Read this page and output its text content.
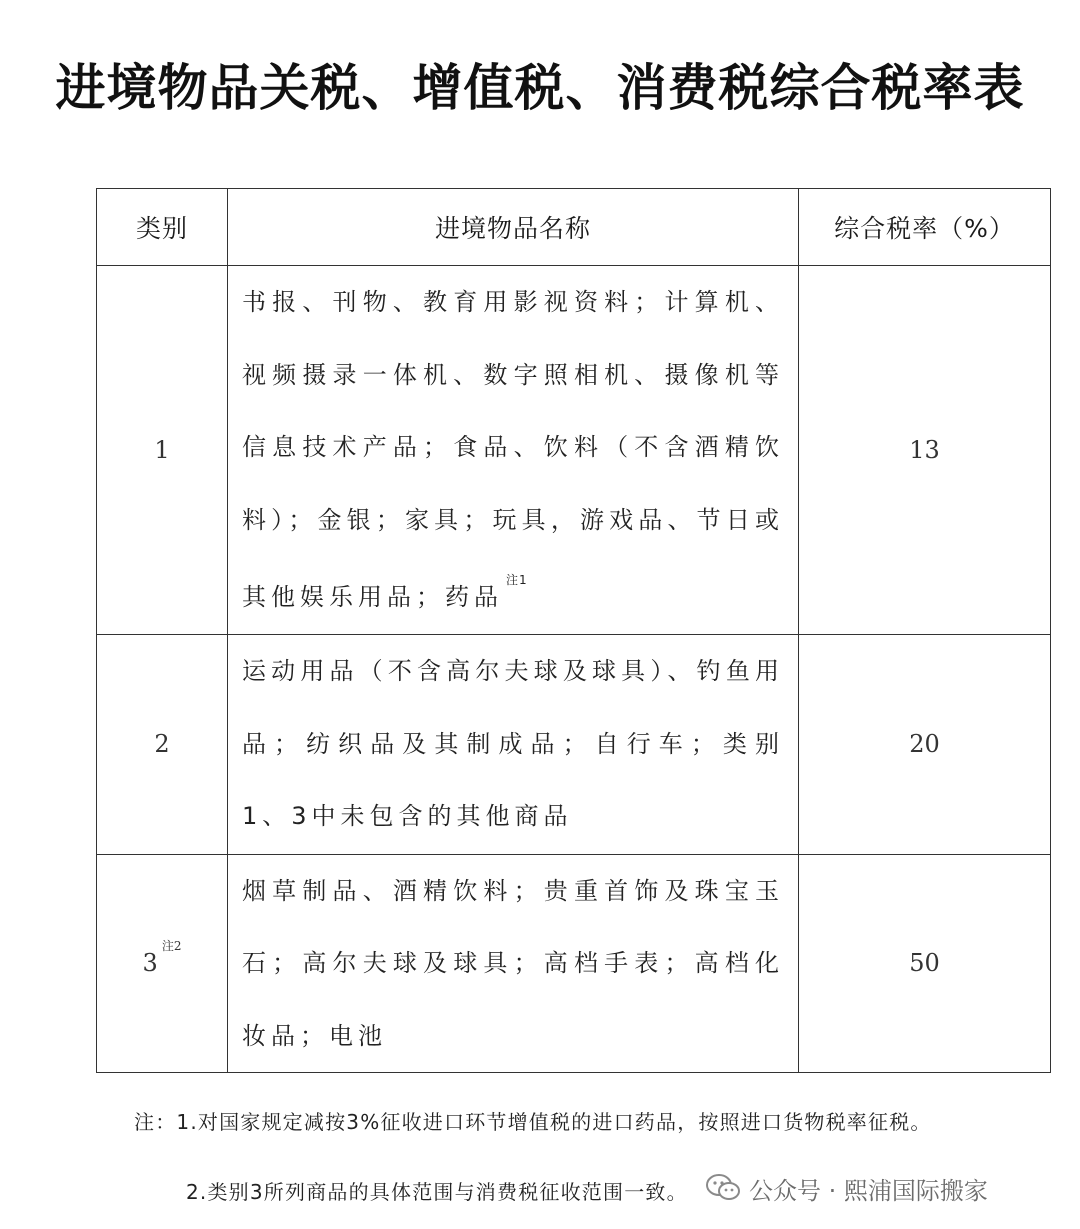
进境物品关税、增值税、消费税综合税率表
类别	进境物品名称	综合税率（%）
1	书报、刊物、教育用影视资料；计算机、视频摄录一体机、数字照相机、摄像机等信息技术产品；食品、饮料（不含酒精饮料）；金银；家具；玩具，游戏品、节日或其他娱乐用品；药品$^{注1}$	13
2	运动用品（不含高尔夫球及球具）、钓鱼用品；纺织品及其制成品；自行车；类别1、3中未包含的其他商品	20
3$^{注2}$	烟草制品、酒精饮料；贵重首饰及珠宝玉石；高尔夫球及球具；高档手表；高档化妆品；电池	50
注：1.对国家规定减按3%征收进口环节增值税的进口药品，按照进口货物税率征税。
2.类别3所列商品的具体范围与消费税征收范围一致。	公众号 · 熙浦国际搬家
